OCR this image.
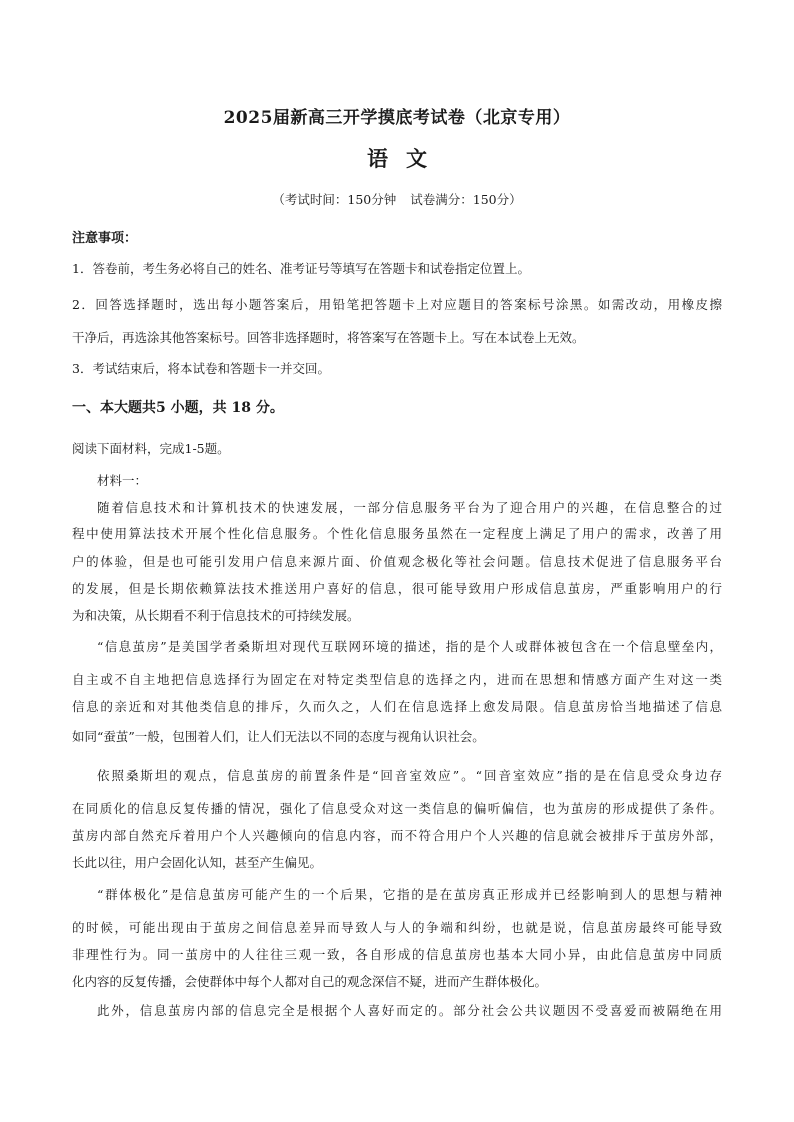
2025届新高三开学摸底考试卷（北京专用）

语 文

（考试时间：150分钟 试卷满分：150分）

注意事项：

1．答卷前，考生务必将自己的姓名、准考证号等填写在答题卡和试卷指定位置上。

2．回答选择题时，选出每小题答案后，用铅笔把答题卡上对应题目的答案标号涂黑。如需改动，用橡皮擦

干净后，再选涂其他答案标号。回答非选择题时，将答案写在答题卡上。写在本试卷上无效。

3．考试结束后，将本试卷和答题卡一并交回。

一、本大题共5 小题，共 18 分。

阅读下面材料，完成1-5题。

材料一：

随着信息技术和计算机技术的快速发展，一部分信息服务平台为了迎合用户的兴趣，在信息整合的过

程中使用算法技术开展个性化信息服务。个性化信息服务虽然在一定程度上满足了用户的需求，改善了用

户的体验，但是也可能引发用户信息来源片面、价值观念极化等社会问题。信息技术促进了信息服务平台

的发展，但是长期依赖算法技术推送用户喜好的信息，很可能导致用户形成信息茧房，严重影响用户的行

为和决策，从长期看不利于信息技术的可持续发展。

“信息茧房”是美国学者桑斯坦对现代互联网环境的描述，指的是个人或群体被包含在一个信息壁垒内，

自主或不自主地把信息选择行为固定在对特定类型信息的选择之内，进而在思想和情感方面产生对这一类

信息的亲近和对其他类信息的排斥，久而久之，人们在信息选择上愈发局限。信息茧房恰当地描述了信息

如同“蚕茧”一般，包围着人们，让人们无法以不同的态度与视角认识社会。

依照桑斯坦的观点，信息茧房的前置条件是“回音室效应”。“回音室效应”指的是在信息受众身边存

在同质化的信息反复传播的情况，强化了信息受众对这一类信息的偏听偏信，也为茧房的形成提供了条件。

茧房内部自然充斥着用户个人兴趣倾向的信息内容，而不符合用户个人兴趣的信息就会被排斥于茧房外部，

长此以往，用户会固化认知，甚至产生偏见。

“群体极化”是信息茧房可能产生的一个后果，它指的是在茧房真正形成并已经影响到人的思想与精神

的时候，可能出现由于茧房之间信息差异而导致人与人的争端和纠纷，也就是说，信息茧房最终可能导致

非理性行为。同一茧房中的人往往三观一致，各自形成的信息茧房也基本大同小异，由此信息茧房中同质

化内容的反复传播，会使群体中每个人都对自己的观念深信不疑，进而产生群体极化。

此外，信息茧房内部的信息完全是根据个人喜好而定的。部分社会公共议题因不受喜爱而被隔绝在用
